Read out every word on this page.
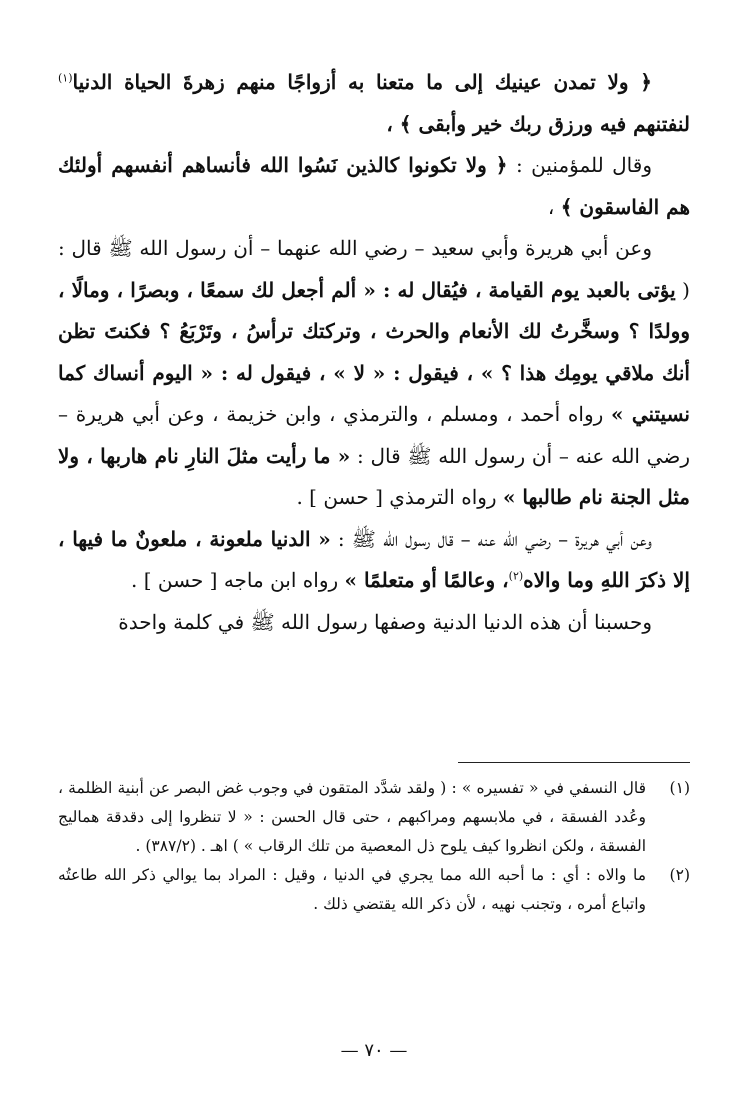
﴿ ولا تمدن عينيك إلى ما متعنا به أزواجًا منهم زهرةَ الحياة الدنيا$^{(١)}$ لنفتنهم فيه ورزق ربك خير وأبقى ﴾ ،

وقال للمؤمنين : ﴿ ولا تكونوا كالذين نَسُوا الله فأنساهم أنفسهم أولئك هم الفاسقون ﴾ ،

وعن أبي هريرة وأبي سعيد – رضي الله عنهما – أن رسول الله ﷺ قال : ( يؤتى بالعبد يوم القيامة ، فيُقال له : « ألم أجعل لك سمعًا ، وبصرًا ، ومالًا ، وولدًا ؟ وسخَّرتُ لك الأنعام والحرث ، وتركتك ترأسُ ، وتَرْبَعُ ؟ فكنتَ تظن أنك ملاقي يومِك هذا ؟ » ، فيقول : « لا » ، فيقول له : « اليوم أنساك كما نسيتني » رواه أحمد ، ومسلم ، والترمذي ، وابن خزيمة ، وعن أبي هريرة – رضي الله عنه – أن رسول الله ﷺ قال : « ما رأيت مثلَ النارِ نام هاربها ، ولا مثل الجنة نام طالبها » رواه الترمذي [ حسن ] .

وعن أبي هريرة – رضي الله عنه – قال رسول الله ﷺ : « الدنيا ملعونة ، ملعونٌ ما فيها ، إلا ذكرَ اللهِ وما والاه$^{(٢)}$، وعالمًا أو متعلمًا » رواه ابن ماجه [ حسن ] .

وحسبنا أن هذه الدنيا الدنية وصفها رسول الله ﷺ في كلمة واحدة

(١)
قال النسفي في « تفسيره » : ( ولقد شدَّد المتقون في وجوب غض البصر عن أبنية الظلمة ، وعُدد الفسقة ، في ملابسهم ومراكبهم ، حتى قال الحسن : « لا تنظروا إلى دقدقة هماليج الفسقة ، ولكن انظروا كيف يلوح ذل المعصية من تلك الرقاب » ) اهـ . (٣٨٧/٢) .
(٢)
ما والاه : أي : ما أحبه الله مما يجري في الدنيا ، وقيل : المراد بما يوالي ذكر الله طاعتُه واتباع أمره ، وتجنب نهيه ، لأن ذكر الله يقتضي ذلك .
— ٧٠ —
